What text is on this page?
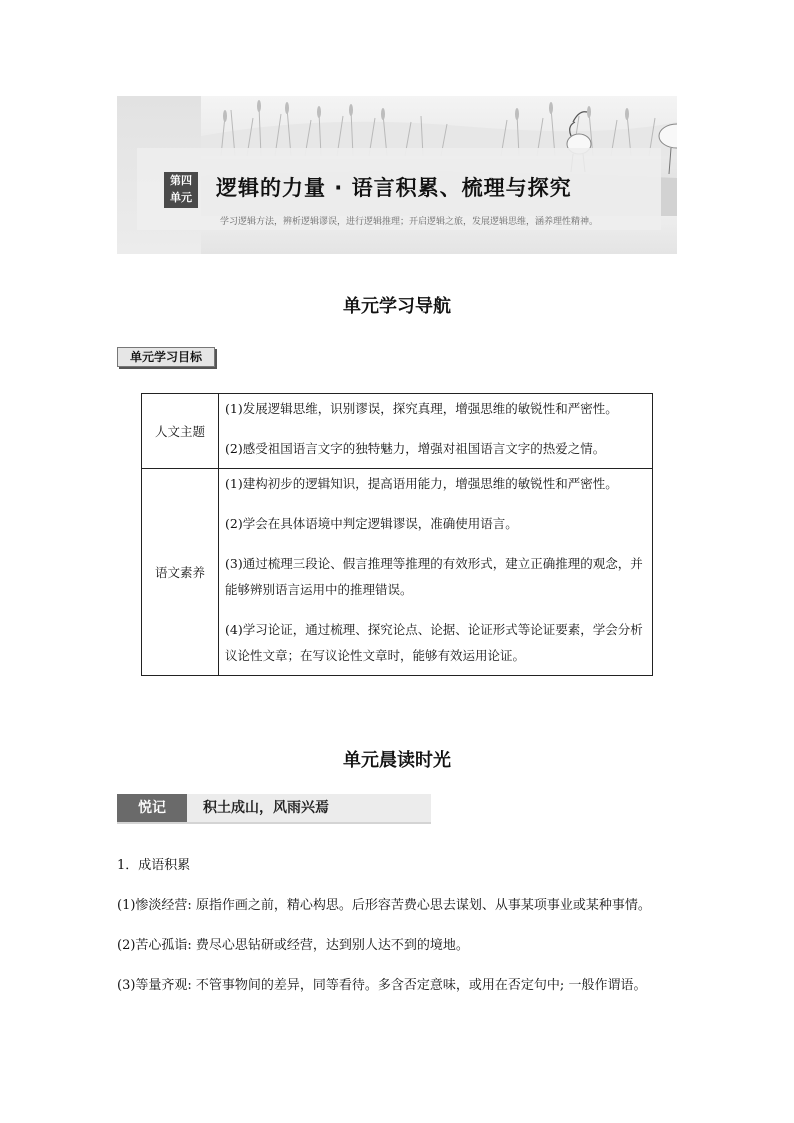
第四
单元 逻辑的力量 · 语言积累、梳理与探究
学习逻辑方法，辨析逻辑谬误，进行逻辑推理；开启逻辑之旅，发展逻辑思维，涵养理性精神。
单元学习导航
单元学习目标
人文主题	(1)发展逻辑思维，识别谬误，探究真理，增强思维的敏锐性和严密性。

(2)感受祖国语言文字的独特魅力，增强对祖国语言文字的热爱之情。

语文素养	(1)建构初步的逻辑知识，提高语用能力，增强思维的敏锐性和严密性。

(2)学会在具体语境中判定逻辑谬误，准确使用语言。

(3)通过梳理三段论、假言推理等推理的有效形式，建立正确推理的观念，并能够辨别语言运用中的推理错误。

(4)学习论证，通过梳理、探究论点、论据、论证形式等论证要素，学会分析议论性文章；在写议论性文章时，能够有效运用论证。

单元晨读时光
悦记	积土成山，风雨兴焉
1．成语积累
(1)惨淡经营: 原指作画之前，精心构思。后形容苦费心思去谋划、从事某项事业或某种事情。
(2)苦心孤诣: 费尽心思钻研或经营，达到别人达不到的境地。
(3)等量齐观: 不管事物间的差异，同等看待。多含否定意味，或用在否定句中; 一般作谓语。
